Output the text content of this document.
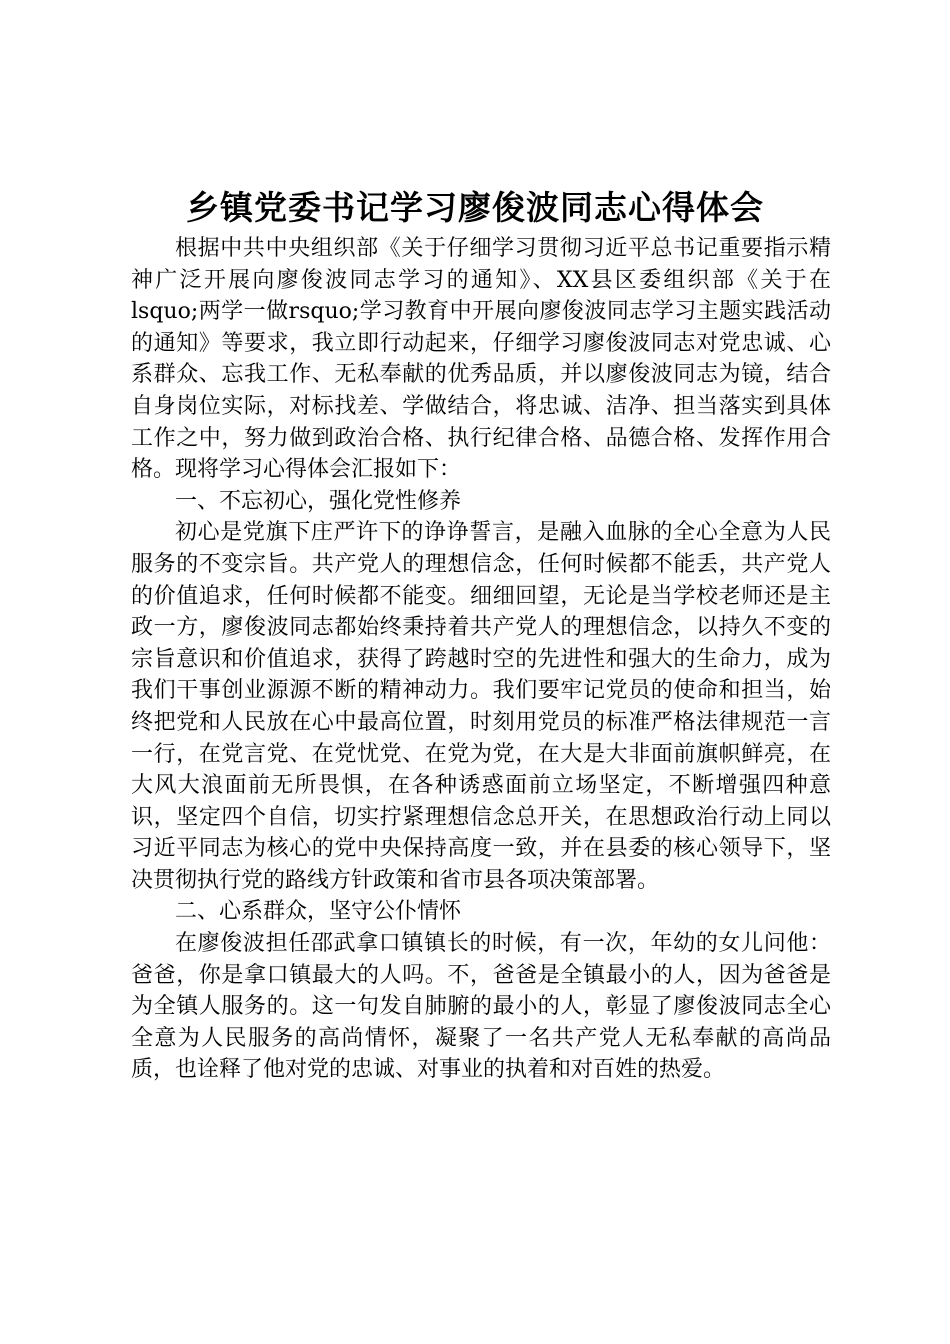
乡镇党委书记学习廖俊波同志心得体会

根据中共中央组织部《关于仔细学习贯彻习近平总书记重要指示精神广泛开展向廖俊波同志学习的通知》、XX县区委组织部《关于在lsquo;两学一做rsquo;学习教育中开展向廖俊波同志学习主题实践活动的通知》等要求，我立即行动起来，仔细学习廖俊波同志对党忠诚、心系群众、忘我工作、无私奉献的优秀品质，并以廖俊波同志为镜，结合自身岗位实际，对标找差、学做结合，将忠诚、洁净、担当落实到具体工作之中，努力做到政治合格、执行纪律合格、品德合格、发挥作用合格。现将学习心得体会汇报如下：

一、不忘初心，强化党性修养

初心是党旗下庄严许下的诤诤誓言，是融入血脉的全心全意为人民服务的不变宗旨。共产党人的理想信念，任何时候都不能丢，共产党人的价值追求，任何时候都不能变。细细回望，无论是当学校老师还是主政一方，廖俊波同志都始终秉持着共产党人的理想信念，以持久不变的宗旨意识和价值追求，获得了跨越时空的先进性和强大的生命力，成为我们干事创业源源不断的精神动力。我们要牢记党员的使命和担当，始终把党和人民放在心中最高位置，时刻用党员的标准严格法律规范一言一行，在党言党、在党忧党、在党为党，在大是大非面前旗帜鲜亮，在大风大浪面前无所畏惧，在各种诱惑面前立场坚定，不断增强四种意识，坚定四个自信，切实拧紧理想信念总开关，在思想政治行动上同以习近平同志为核心的党中央保持高度一致，并在县委的核心领导下，坚决贯彻执行党的路线方针政策和省市县各项决策部署。

二、心系群众，坚守公仆情怀

在廖俊波担任邵武拿口镇镇长的时候，有一次，年幼的女儿问他：爸爸，你是拿口镇最大的人吗。不，爸爸是全镇最小的人，因为爸爸是为全镇人服务的。这一句发自肺腑的最小的人，彰显了廖俊波同志全心全意为人民服务的高尚情怀，凝聚了一名共产党人无私奉献的高尚品质，也诠释了他对党的忠诚、对事业的执着和对百姓的热爱。
